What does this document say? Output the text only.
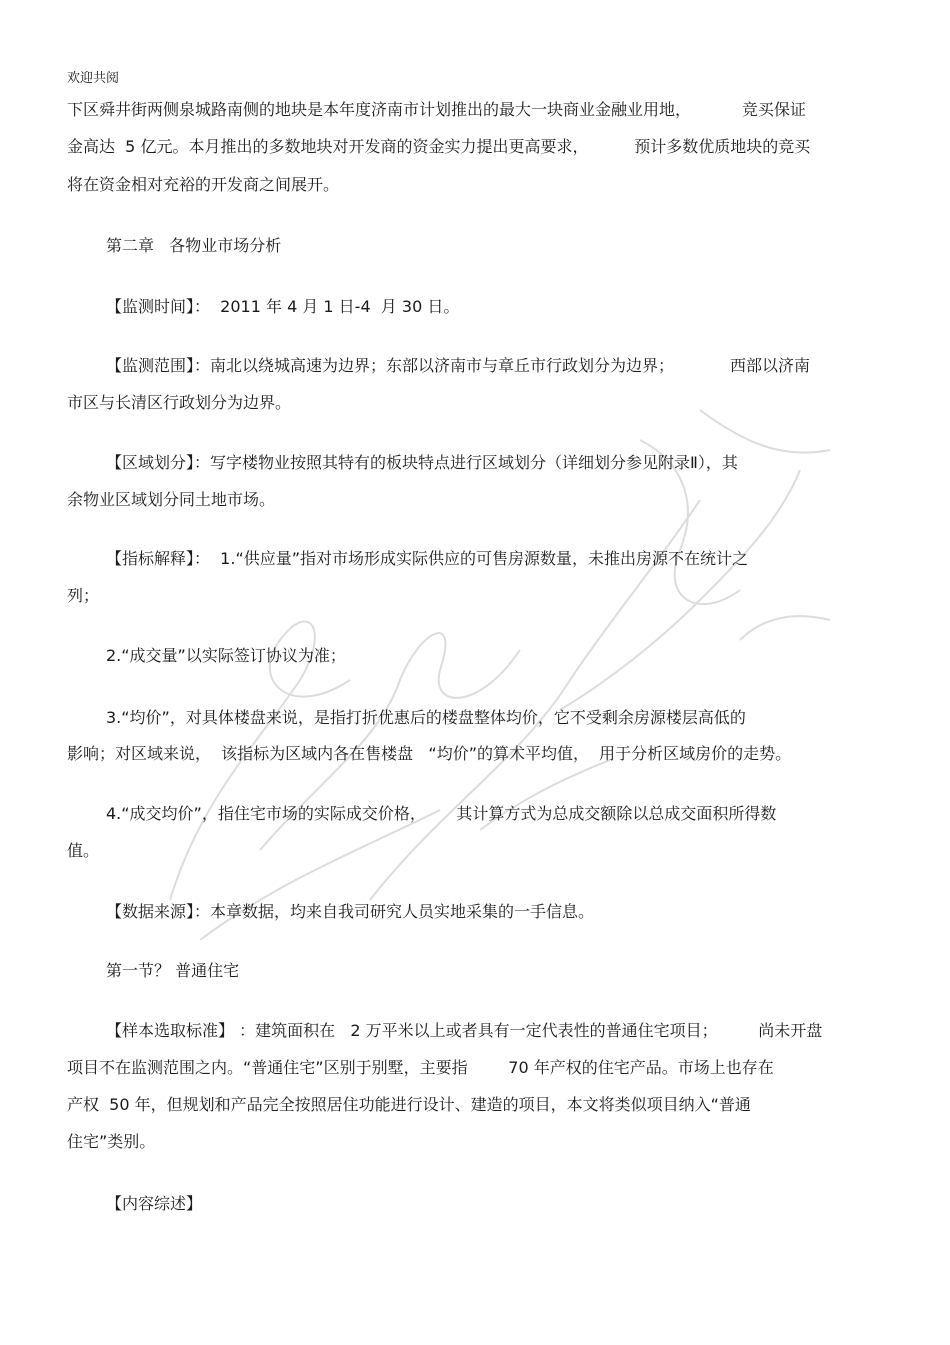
欢迎共阅
下区舜井街两侧泉城路南侧的地块是本年度济南市计划推出的最大一块商业金融业用地，          竞买保证
金高达  5 亿元。本月推出的多数地块对开发商的资金实力提出更高要求，         预计多数优质地块的竞买
将在资金相对充裕的开发商之间展开。
第二章   各物业市场分析
【监测时间】：  2011 年 4 月 1 日-4  月 30 日。
【监测范围】：南北以绕城高速为边界；东部以济南市与章丘市行政划分为边界；           西部以济南
市区与长清区行政划分为边界。
【区域划分】：写字楼物业按照其特有的板块特点进行区域划分（详细划分参见附录Ⅱ），其
余物业区域划分同土地市场。
【指标解释】：  1.“供应量”指对市场形成实际供应的可售房源数量，未推出房源不在统计之
列；
2.“成交量”以实际签订协议为准；
3.“均价”，对具体楼盘来说，是指打折优惠后的楼盘整体均价，它不受剩余房源楼层高低的
影响；对区域来说，  该指标为区域内各在售楼盘   “均价”的算术平均值，  用于分析区域房价的走势。
4.“成交均价”，指住宅市场的实际成交价格，      其计算方式为总成交额除以总成交面积所得数
值。
【数据来源】：本章数据，均来自我司研究人员实地采集的一手信息。
第一节？ 普通住宅
【样本选取标准】 ：建筑面积在   2 万平米以上或者具有一定代表性的普通住宅项目；        尚未开盘
项目不在监测范围之内。“普通住宅”区别于别墅，主要指        70 年产权的住宅产品。市场上也存在
产权  50 年，但规划和产品完全按照居住功能进行设计、建造的项目，本文将类似项目纳入“普通
住宅”类别。
【内容综述】
